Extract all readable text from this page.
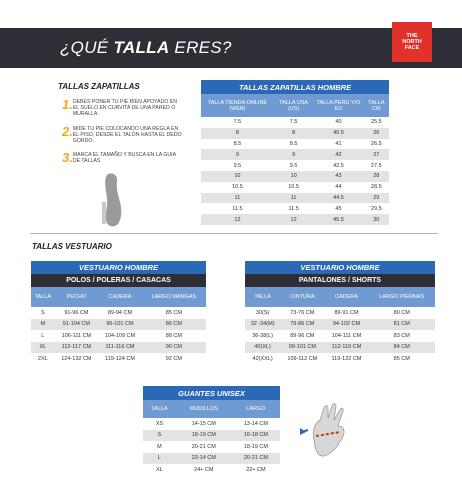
¿QUÉ TALLA ERES?
THE
NORTH
FACE
TALLAS ZAPATILLAS
1. DEBES PONER TU PIE BIEN APOYADO EN EL SUELO EN CURVITA DE UNA PARED O MURALLA.
2. MIDE TU PIE COLOCANDO UNA REGLA EN EL PISO, DESDE EL TALÓN HASTA EL DEDO GORDO.
3. MARCA EL TAMAÑO Y BUSCA EN LA GUIA DE TALLAS
TALLAS ZAPATILLAS HOMBRE			
TALLA TIENDA ONLINE (WEB)	TALLA USA (US)	TALLA PERU Y/O EU	TALLA CM
7.5	7.5	40	25.5
8	8	40.5	26
8.5	8.5	41	26.5
9	9	42	27
9.5	9.5	42.5	27.5
10	10	43	28
10.5	10.5	44	28.5
11	11	44.5	29
11.5	11.5	45	29.5
12	12	45.5	30
TALLAS VESTUARIO
VESTUARIO HOMBRE			
POLOS / POLERAS / CASACAS			
TALLA	PECHO	CADERA	LARGO MANGAS
S	91-96 CM	89-94 CM	85 CM
M	91-104 CM	96-101 CM	86 CM
L	106-111 CM	104-109 CM	88 CM
XL	112-117 CM	111-116 CM	90 CM
2XL	124-132 CM	119-124 CM	92 CM
VESTUARIO HOMBRE			
PANTALONES / SHORTS			
TALLA	CINTURA	CADERA	LARGO PIERNAS
30(S)	73-76 CM	89-91 CM	80 CM
32 -34(M)	79-86 CM	94-102 CM	81 CM
36-38(L)	89-96 CM	104-111 CM	83 CM
40(XL)	99-101 CM	112-119 CM	84 CM
42(XXL)	109-112 CM	119-122 CM	85 CM
GUANTES UNISEX		
TALLA	MUDILLOS	LARGO
XS	14-15 CM	13-14 CM
S	18-19 CM	16-18 CM
M	20-21 CM	18-19 CM
L	23-14 CM	20-21 CM
XL	24+ CM	22+ CM
